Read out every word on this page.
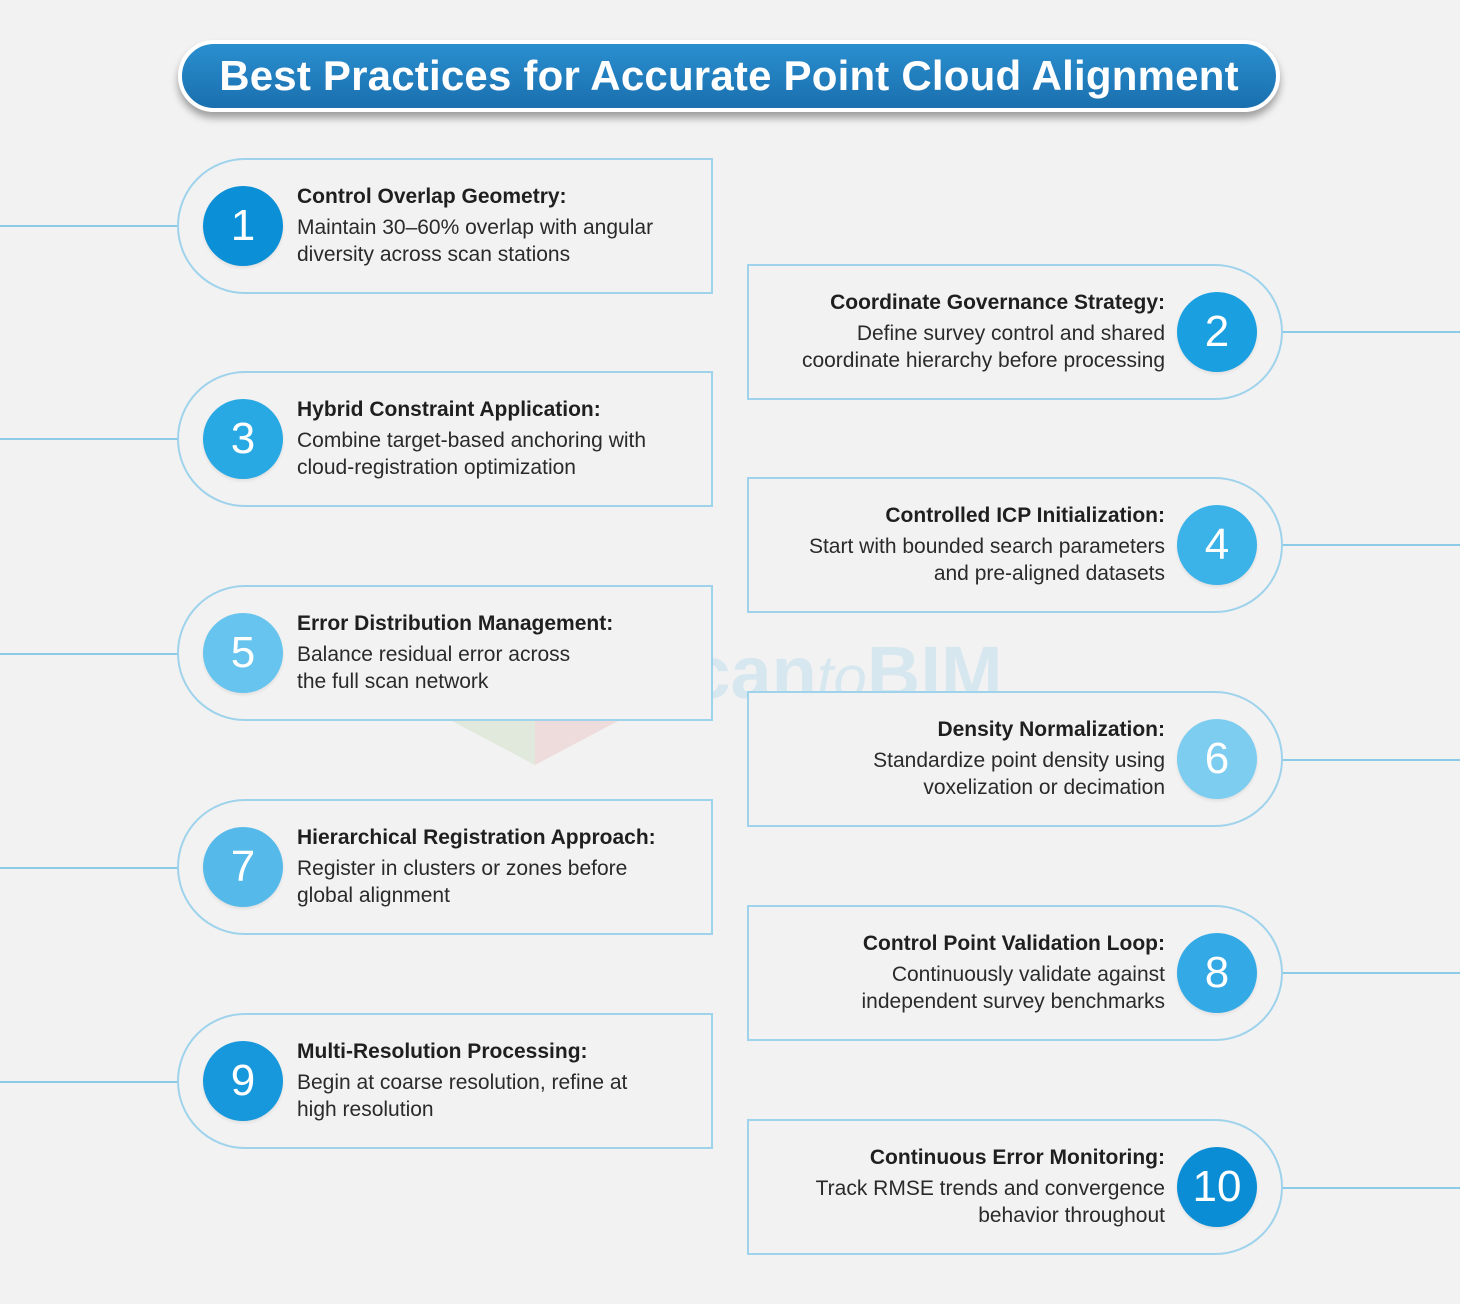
Best Practices for Accurate Point Cloud Alignment
ScantoBIM
1
Control Overlap Geometry:
Maintain 30–60% overlap with angular
diversity across scan stations
2
Coordinate Governance Strategy:
Define survey control and shared
coordinate hierarchy before processing
3
Hybrid Constraint Application:
Combine target-based anchoring with
cloud-registration optimization
4
Controlled ICP Initialization:
Start with bounded search parameters
and pre-aligned datasets
5
Error Distribution Management:
Balance residual error across
the full scan network
6
Density Normalization:
Standardize point density using
voxelization or decimation
7
Hierarchical Registration Approach:
Register in clusters or zones before
global alignment
8
Control Point Validation Loop:
Continuously validate against
independent survey benchmarks
9
Multi-Resolution Processing:
Begin at coarse resolution, refine at
high resolution
10
Continuous Error Monitoring:
Track RMSE trends and convergence
behavior throughout
